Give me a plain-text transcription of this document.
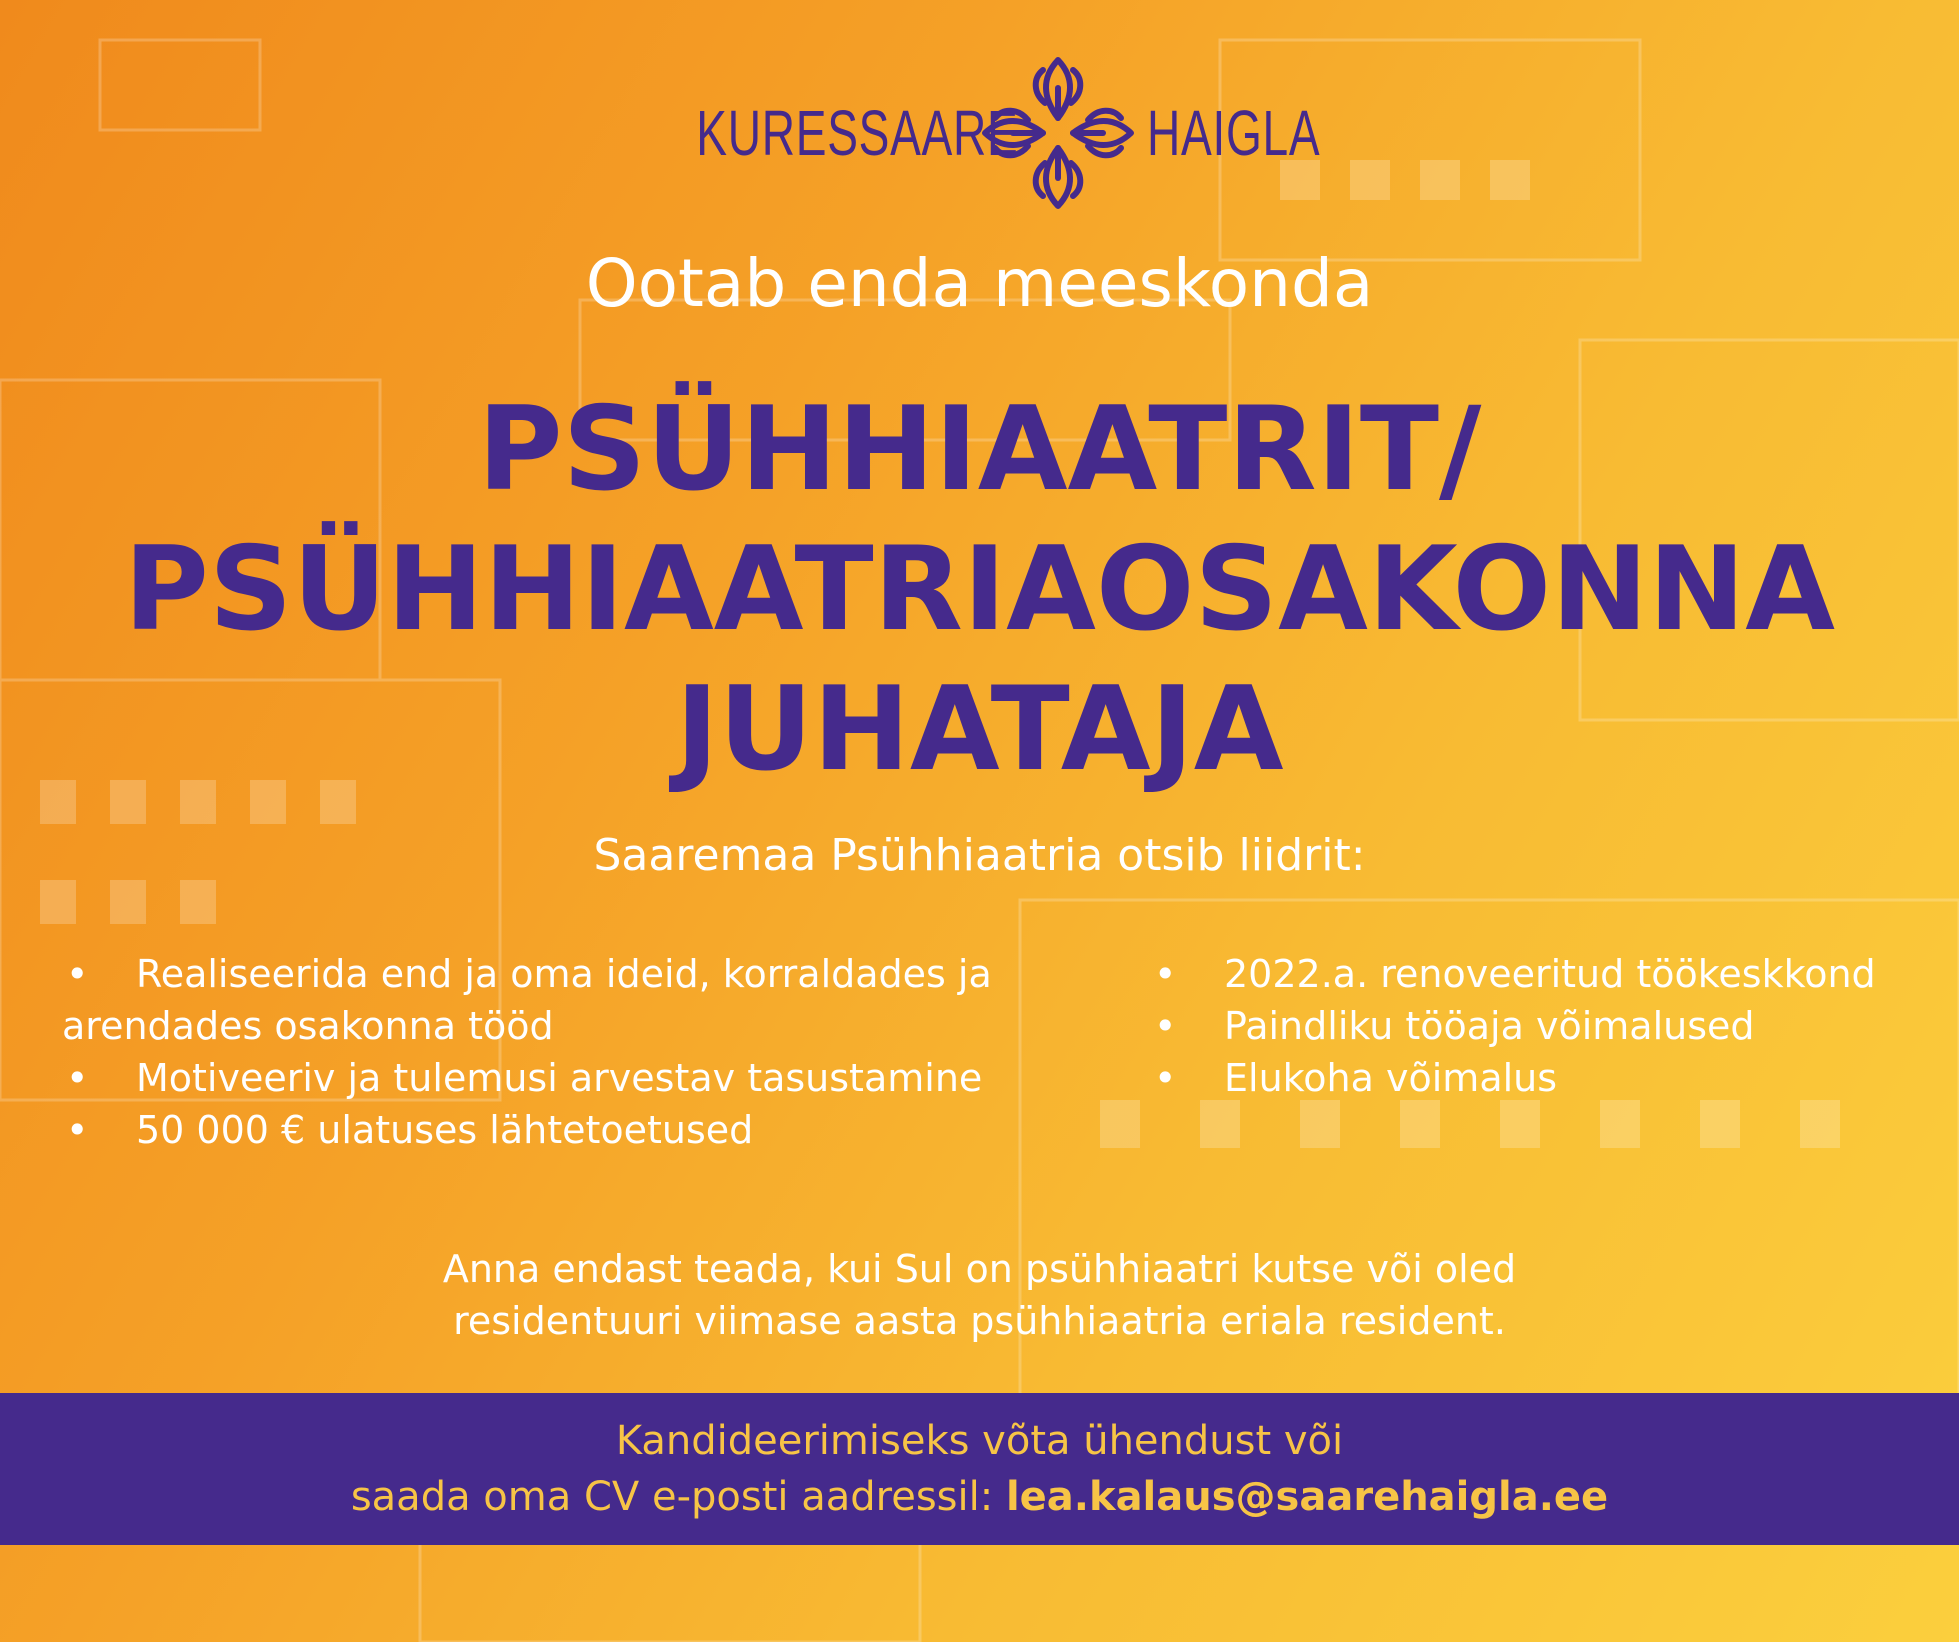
KURESSAARE HAIGLA
Ootab enda meeskonda
PSÜHHIAATRIT/
PSÜHHIAATRIAOSAKONNA
JUHATAJA
Saaremaa Psühhiaatria otsib liidrit:
• Realiseerida end ja oma ideid, korraldades ja arendades osakonna tööd
• Motiveeriv ja tulemusi arvestav tasustamine
• 50 000 € ulatuses lähtetoetused
• 2022.a. renoveeritud töökeskkond
• Paindliku tööaja võimalused
• Elukoha võimalus
Anna endast teada, kui Sul on psühhiaatri kutse või oled
residentuuri viimase aasta psühhiaatria eriala resident.
Kandideerimiseks võta ühendust või
saada oma CV e-posti aadressil: lea.kalaus@saarehaigla.ee
